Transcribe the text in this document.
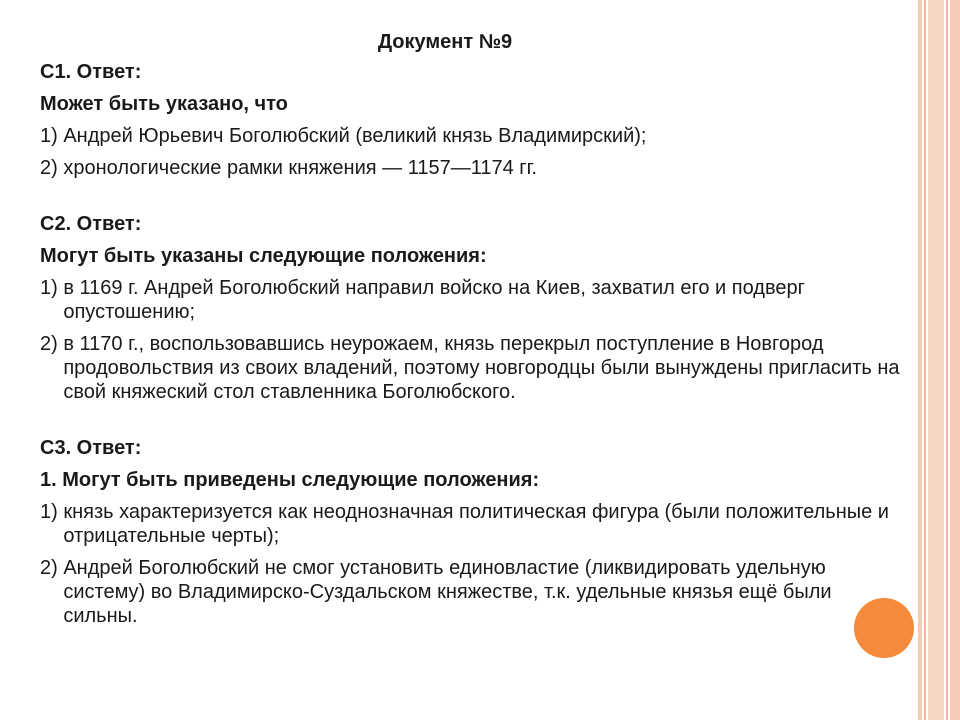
Документ №9
С1. Ответ:
Может быть указано, что
1) Андрей Юрьевич Боголюбский (великий князь Владимирский);
2) хронологические рамки княжения — 1157—1174 гг.
С2. Ответ:
Могут быть указаны следующие положения:
1) в 1169 г. Андрей Боголюбский направил войско на Киев, захватил его и подверг опустошению;
2) в 1170 г., воспользовавшись неурожаем, князь перекрыл поступление в Новгород продовольствия из своих владений, поэтому новгородцы были вынуждены пригласить на свой княжеский стол ставленника Боголюбского.
С3. Ответ:
1. Могут быть приведены следующие положения:
1) князь характеризуется как неоднозначная политическая фигура (были положительные и отрицательные черты);
2) Андрей Боголюбский не смог установить единовластие (ликвидировать удельную систему) во Владимирско-Суздальском княжестве, т.к. удельные князья ещё были сильны.
